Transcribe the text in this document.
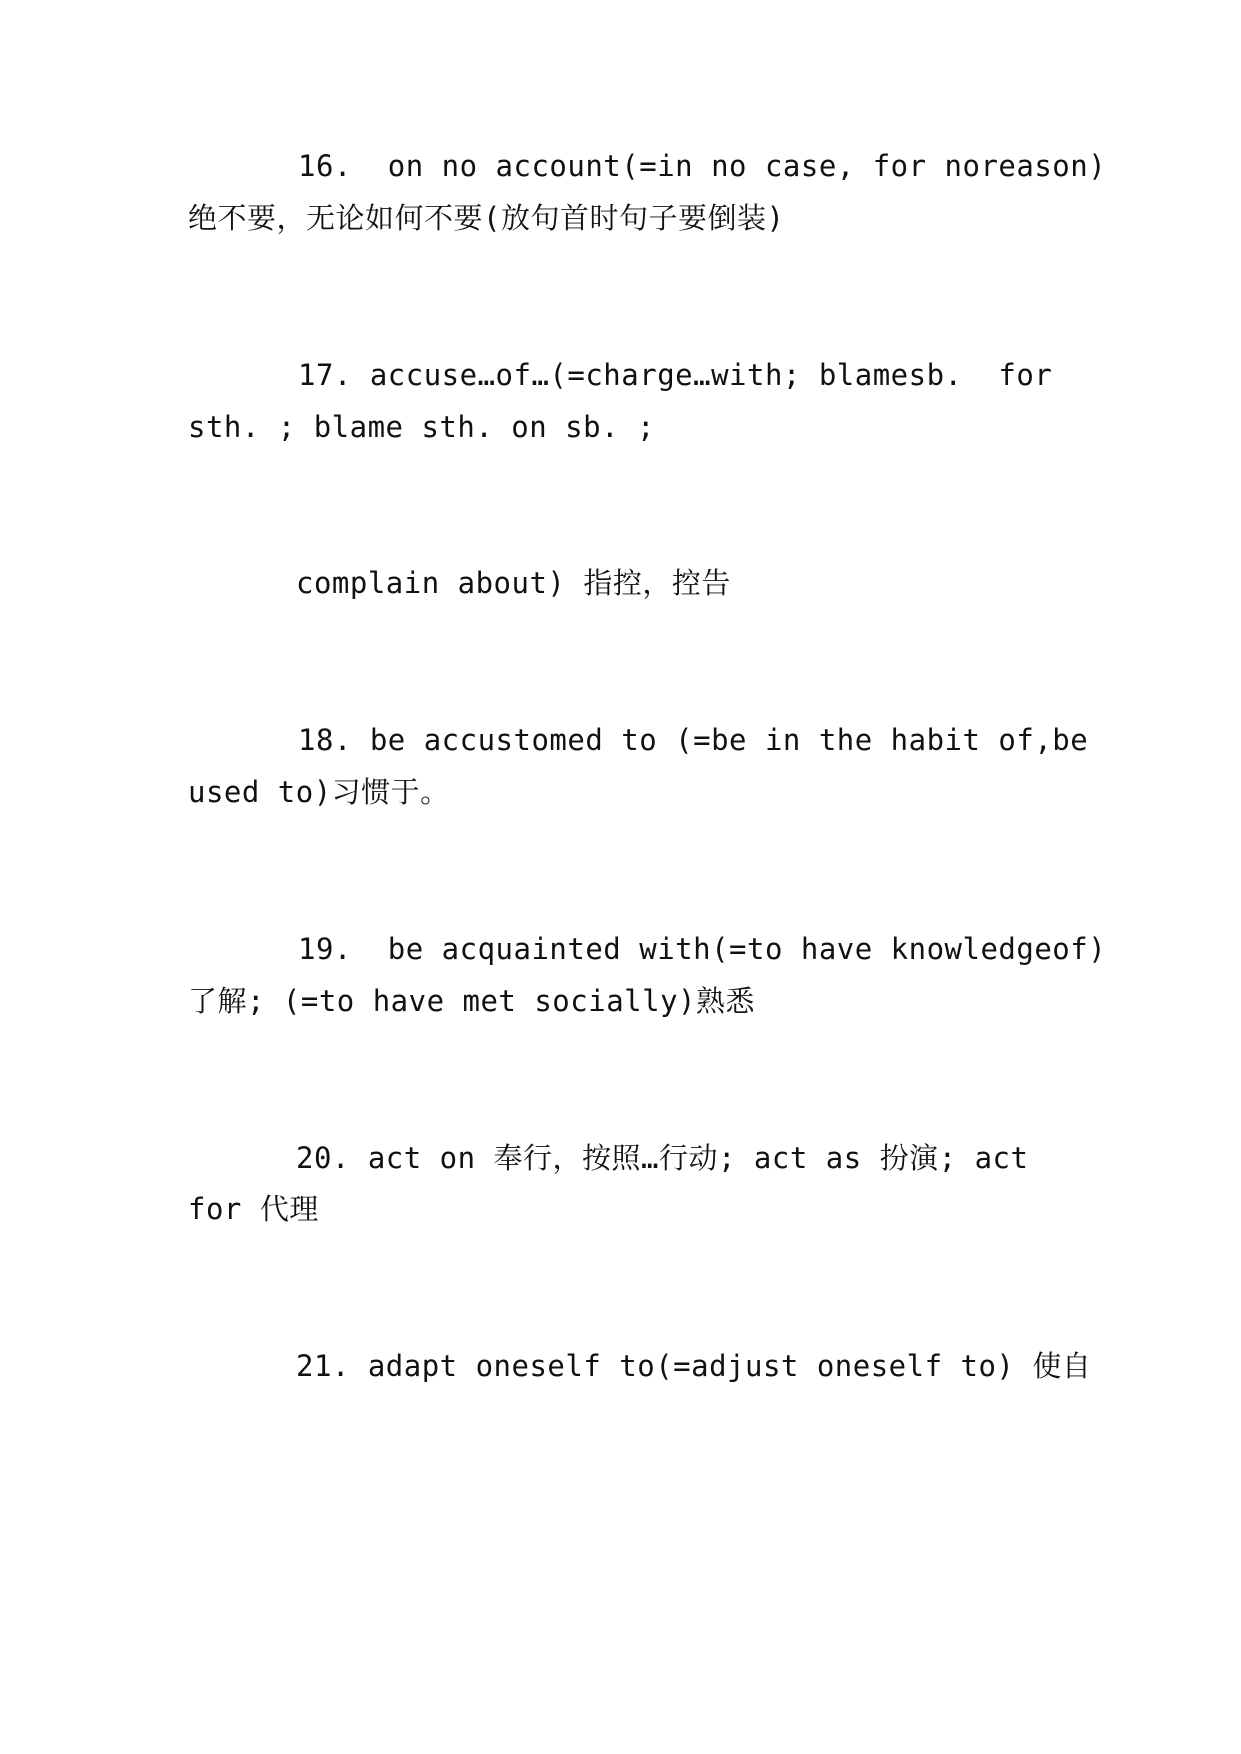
16.  on no account(=in no case, for noreason)
绝不要，无论如何不要(放句首时句子要倒装)
17. accuse…of…(=charge…with; blamesb.  for
sth. ; blame sth. on sb. ;
complain about) 指控，控告
18. be accustomed to (=be in the habit of,be
used to)习惯于。
19.  be acquainted with(=to have knowledgeof)
了解; (=to have met socially)熟悉
20. act on 奉行，按照…行动; act as 扮演; act
for 代理
21. adapt oneself to(=adjust oneself to) 使自
